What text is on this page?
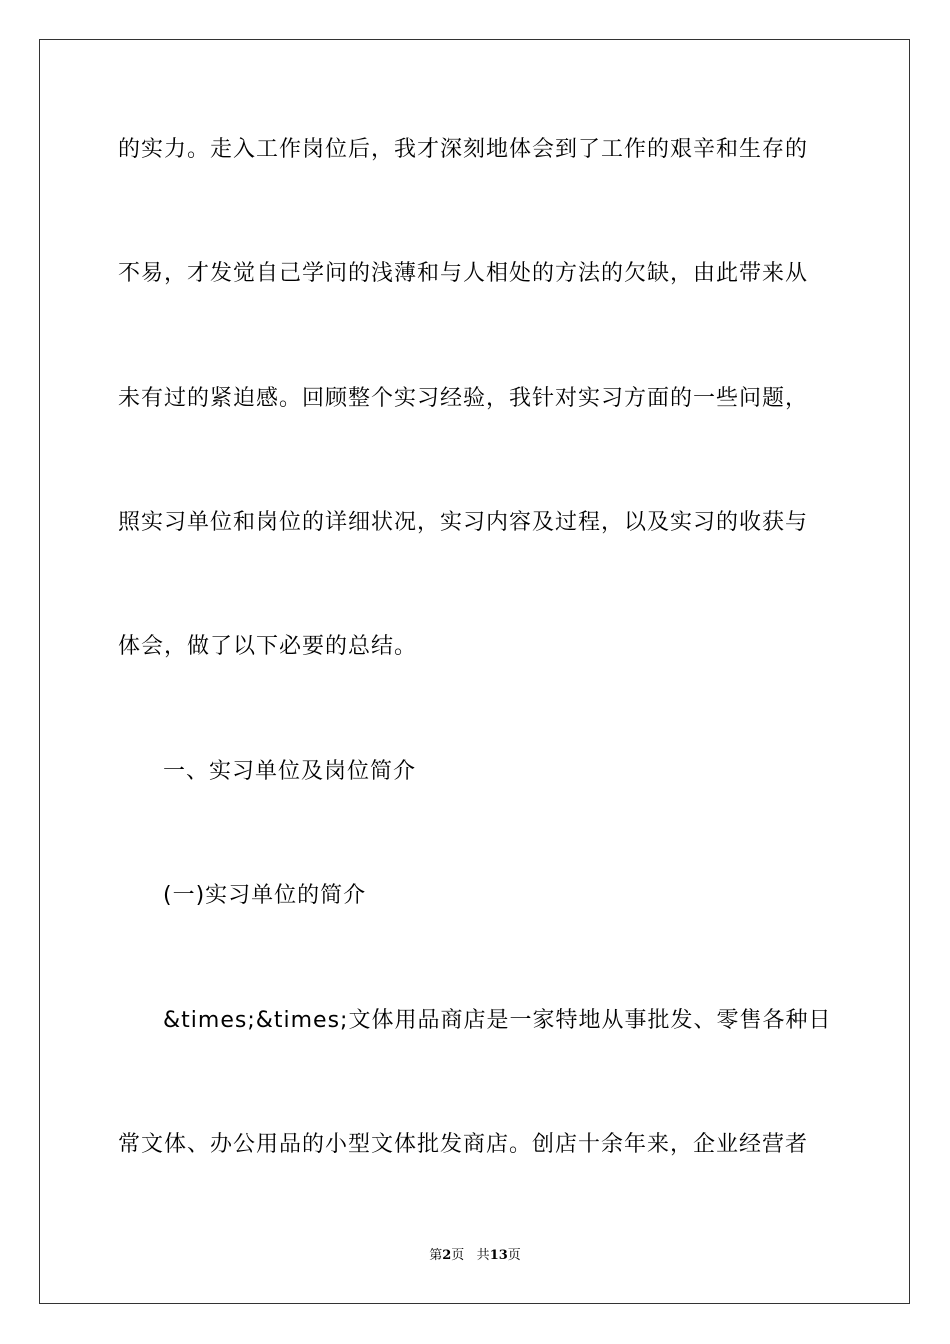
的实力。走入工作岗位后，我才深刻地体会到了工作的艰辛和生存的
不易，才发觉自己学问的浅薄和与人相处的方法的欠缺，由此带来从
未有过的紧迫感。回顾整个实习经验，我针对实习方面的一些问题，
照实习单位和岗位的详细状况，实习内容及过程，以及实习的收获与
体会，做了以下必要的总结。
一、实习单位及岗位简介
(一)实习单位的简介
&times;&times;文体用品商店是一家特地从事批发、零售各种日
常文体、办公用品的小型文体批发商店。创店十余年来，企业经营者
第2页 共13页
